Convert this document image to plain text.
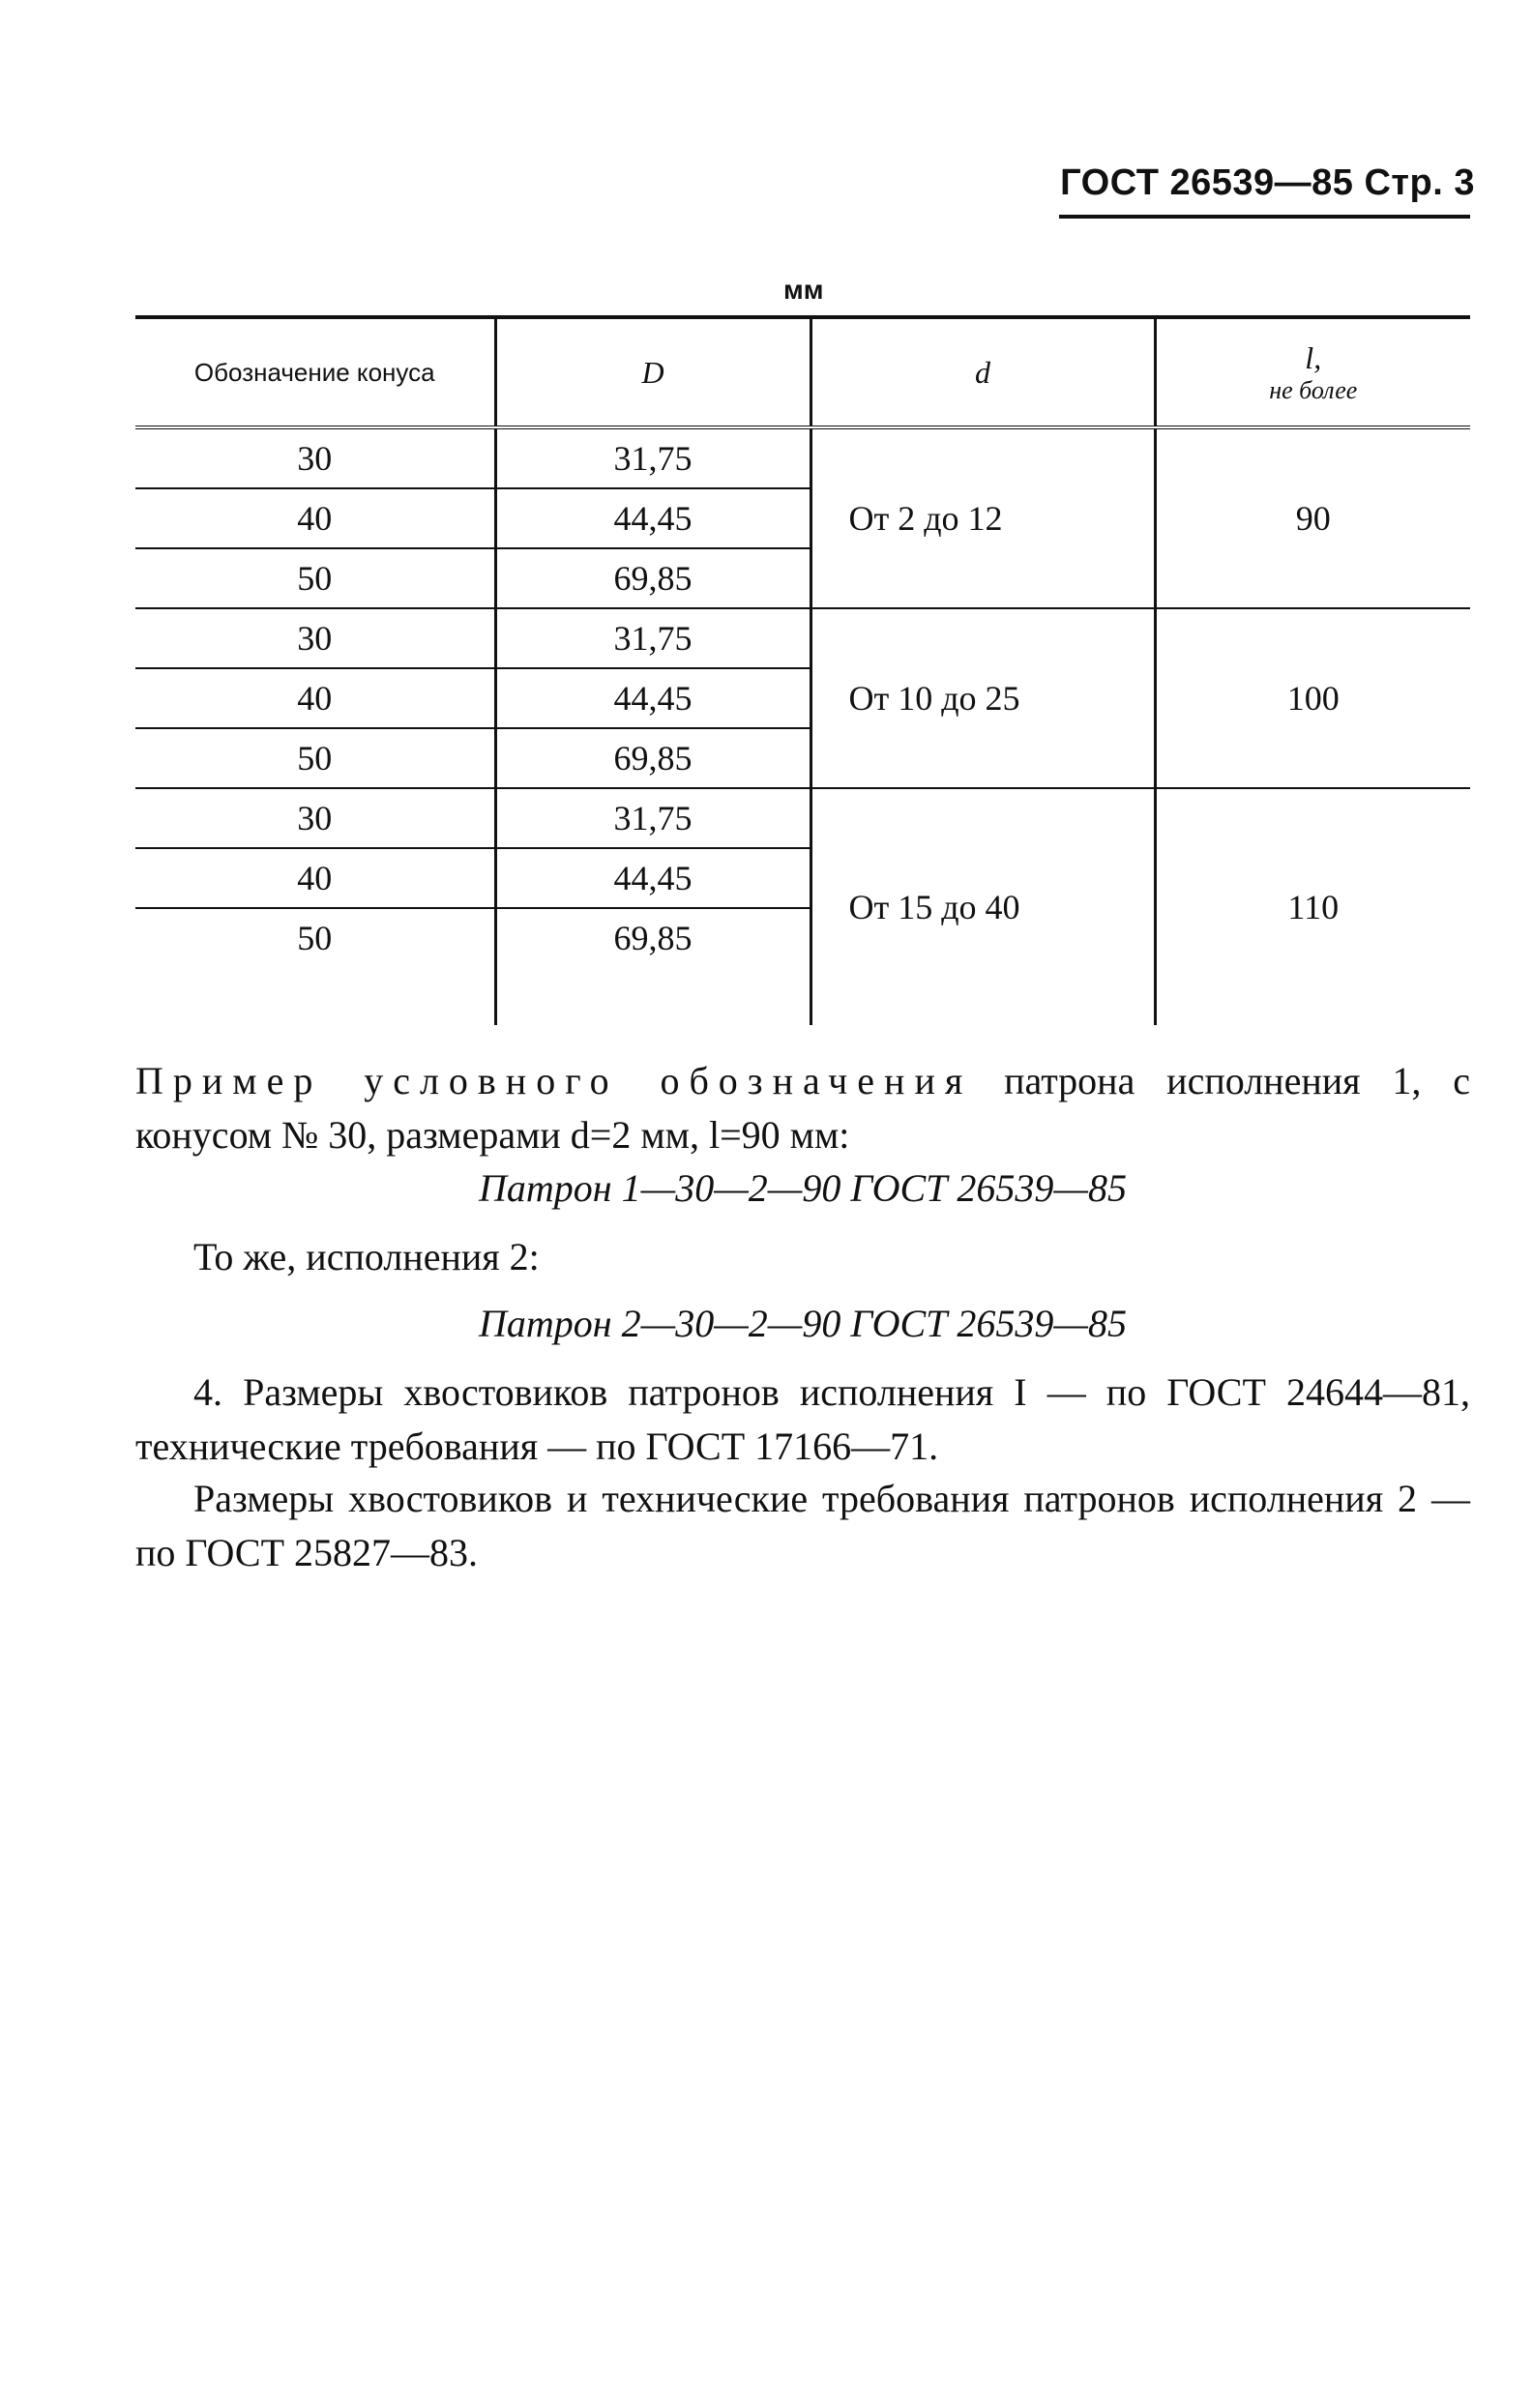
ГОСТ 26539—85 Стр. 3
мм
Обозначение конуса	D	d	l,
не более

30	31,75	От 2 до 12	90
40	44,45		
50	69,85		
30	31,75	От 10 до 25	100
40	44,45		
50	69,85		
30	31,75	От 15 до 40	110
40	44,45		
50	69,85		

Пример условного обозначения патрона исполнения 1, с конусом № 30, размерами d=2 мм, l=90 мм:
Патрон 1—30—2—90 ГОСТ 26539—85
То же, исполнения 2:
Патрон 2—30—2—90 ГОСТ 26539—85
4. Размеры хвостовиков патронов исполнения I — по ГОСТ 24644—81, технические требования — по ГОСТ 17166—71.
Размеры хвостовиков и технические требования патронов исполнения 2 — по ГОСТ 25827—83.
